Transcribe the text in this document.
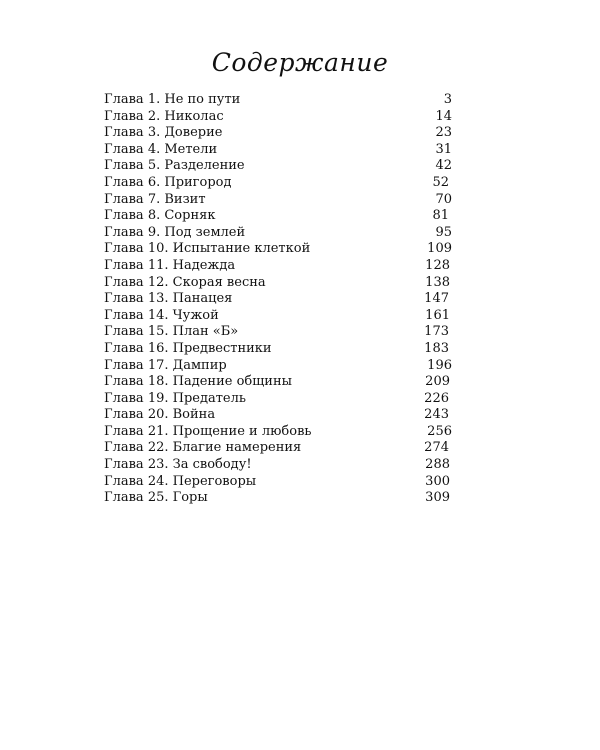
Содержание
Глава 1. Не по пути	3
Глава 2. Николас	14
Глава 3. Доверие	23
Глава 4. Метели	31
Глава 5. Разделение	42
Глава 6. Пригород	52
Глава 7. Визит	70
Глава 8. Сорняк	81
Глава 9. Под землей	95
Глава 10. Испытание клеткой	109
Глава 11. Надежда	128
Глава 12. Скорая весна	138
Глава 13. Панацея	147
Глава 14. Чужой	161
Глава 15. План «Б»	173
Глава 16. Предвестники	183
Глава 17. Дампир	196
Глава 18. Падение общины	209
Глава 19. Предатель	226
Глава 20. Война	243
Глава 21. Прощение и любовь	256
Глава 22. Благие намерения	274
Глава 23. За свободу!	288
Глава 24. Переговоры	300
Глава 25. Горы	309
